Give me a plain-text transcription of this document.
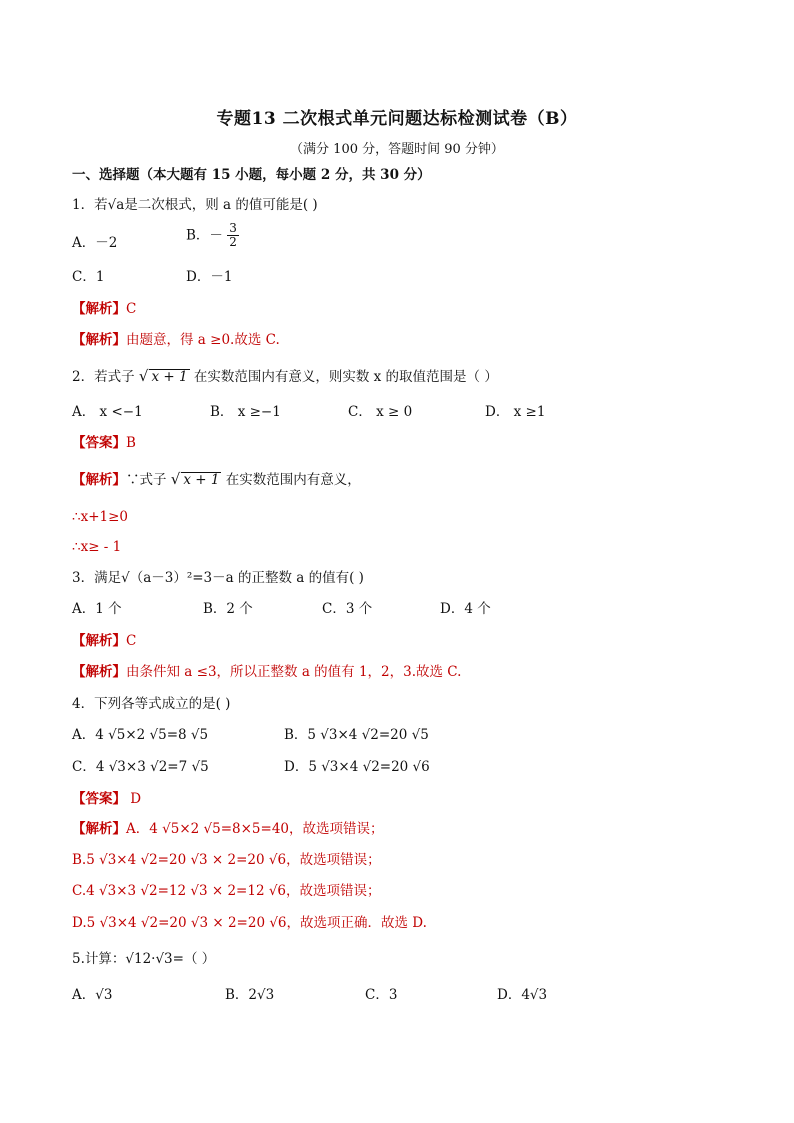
专题13 二次根式单元问题达标检测试卷（B）
（满分 100 分，答题时间 90 分钟）
一、选择题（本大题有 15 小题，每小题 2 分，共 30 分）
1．若√a是二次根式，则 a 的值可能是( )
A．－2	B．－ $\frac{3}{2}$
C．1	D．－1
【解析】C
【解析】由题意，得 a ≥0.故选 C.
2．若式子 √ x + 1 在实数范围内有意义，则实数 x 的取值范围是（ ）
A． x <−1	B． x ≥−1	C． x ≥ 0	D． x ≥1
【答案】B
【解析】∵式子 √ x + 1 在实数范围内有意义，
∴x+1≥0
∴x≥ - 1
3．满足√（a－3）²=3－a 的正整数 a 的值有( )
A．1 个	B．2 个	C．3 个	D．4 个
【解析】C
【解析】由条件知 a ≤3，所以正整数 a 的值有 1，2，3.故选 C.
4．下列各等式成立的是( )
A．4 √5×2 √5=8 √5	B．5 √3×4 √2=20 √5
C．4 √3×3 √2=7 √5	D．5 √3×4 √2=20 √6
【答案】 D
【解析】A．4 √5×2 √5=8×5=40，故选项错误；
B.5 √3×4 √2=20 √3 × 2=20 √6，故选项错误；
C.4 √3×3 √2=12 √3 × 2=12 √6，故选项错误；
D.5 √3×4 √2=20 √3 × 2=20 √6，故选项正确．故选 D.
5.计算：√12·√3=（ ）
A．√3	B．2√3	C．3	D．4√3
